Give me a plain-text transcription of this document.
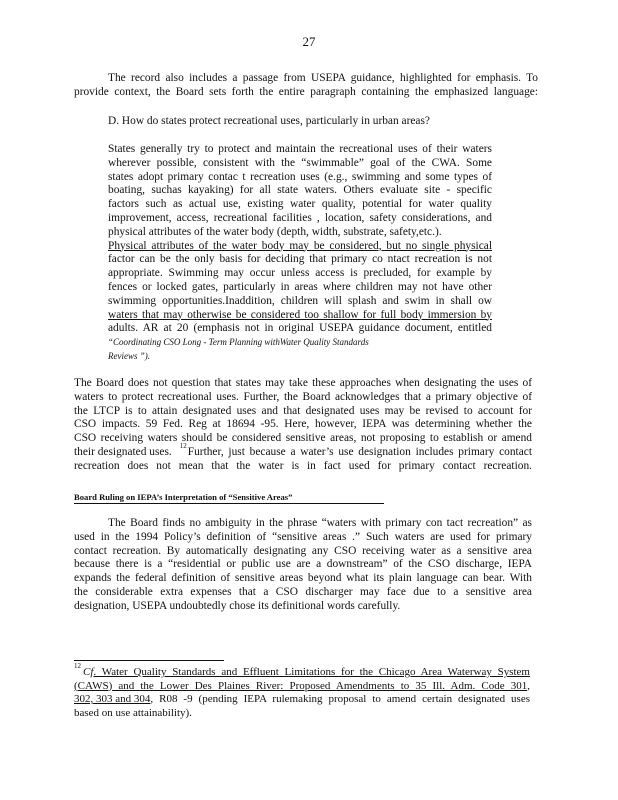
27

The record also includes a passage from USEPA guidance, highlighted for emphasis. To

provide context, the Board sets forth the entire paragraph containing the emphasized language:

D. How do states protect recreational uses, particularly in urban areas?

States generally try to protect and maintain the recreational uses of their waters

wherever possible, consistent with the “swimmable” goal of the CWA. Some

states adopt primary contac t recreation uses (e.g., swimming and some types of

boating, suchas kayaking) for all state waters. Others evaluate site - specific

factors such as actual use, existing water quality, potential for water quality

improvement, access, recreational facilities , location, safety considerations, and

physical attributes of the water body (depth, width, substrate, safety,etc.).

Physical attributes of the water body may be considered, but no single physical

factor can be the only basis for deciding that primary co ntact recreation is not

appropriate. Swimming may occur unless access is precluded, for example by

fences or locked gates, particularly in areas where children may not have other

swimming opportunities.Inaddition, children will splash and swim in shall ow

waters that may otherwise be considered too shallow for full body immersion by

adults. AR at 20 (emphasis not in original USEPA guidance document, entitled

“Coordinating CSO Long - Term Planning withWater Quality Standards

Reviews ”).

The Board does not question that states may take these approaches when designating the uses of

waters to protect recreational uses. Further, the Board acknowledges that a primary objective of

the LTCP is to attain designated uses and that designated uses may be revised to account for

CSO impacts. 59 Fed. Reg at 18694 -95. Here, however, IEPA was determining whether the

CSO receiving waters should be considered sensitive areas, not proposing to establish or amend

their designated uses. 12 Further, just because a water’s use designation includes primary contact

recreation does not mean that the water is in fact used for primary contact recreation.

Board Ruling on IEPA’s Interpretation of “Sensitive Areas”

The Board finds no ambiguity in the phrase “waters with primary con tact recreation” as

used in the 1994 Policy’s definition of “sensitive areas .” Such waters are used for primary

contact recreation. By automatically designating any CSO receiving water as a sensitive area

because there is a “residential or public use are a downstream” of the CSO discharge, IEPA

expands the federal definition of sensitive areas beyond what its plain language can bear. With

the considerable extra expenses that a CSO discharger may face due to a sensitive area

designation, USEPA undoubtedly chose its definitional words carefully.

12 Cf . Water Quality Standards and Effluent Limitations for the Chicago Area Waterway System

(CAWS) and the Lower Des Plaines River: Proposed Amendments to 35 Ill. Adm. Code 301,

302, 303 and 304 , R08 -9 (pending IEPA rulemaking proposal to amend certain designated uses

based on use attainability).
